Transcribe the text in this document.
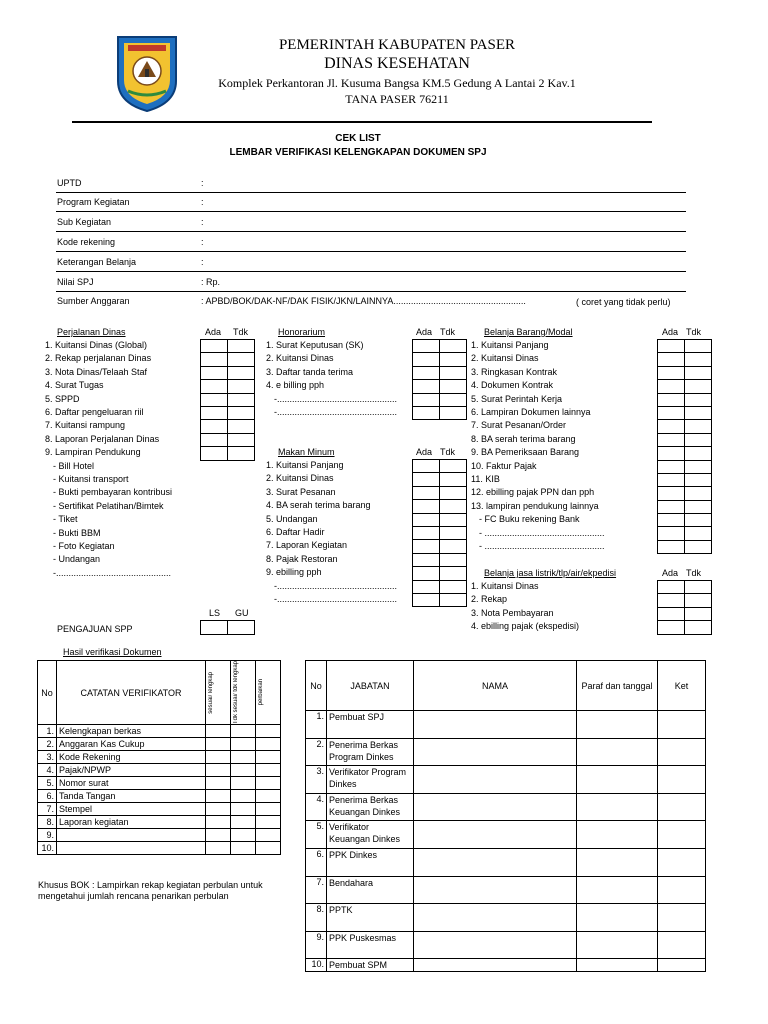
PEMERINTAH KABUPATEN PASER
DINAS KESEHATAN
Komplek Perkantoran Jl. Kusuma Bangsa KM.5 Gedung A Lantai 2 Kav.1
TANA PASER 76211
CEK LIST
LEMBAR VERIFIKASI KELENGKAPAN DOKUMEN SPJ
UPTD	:
Program Kegiatan	:
Sub Kegiatan	:
Kode rekening	:
Keterangan Belanja	:
Nilai SPJ	: Rp.
Sumber Anggaran	: APBD/BOK/DAK-NF/DAK FISIK/JKN/LAINNYA.....................................................	( coret yang tidak perlu)
Perjalanan Dinas	Ada Tdk
1. Kuitansi Dinas (Global)
2. Rekap perjalanan Dinas
3. Nota Dinas/Telaah Staf
4. Surat Tugas
5. SPPD
6. Daftar pengeluaran riil
7. Kuitansi rampung
8. Laporan Perjalanan Dinas
9. Lampiran Pendukung
- Bill Hotel
- Kuitansi transport
- Bukti pembayaran kontribusi
- Sertifikat Pelatihan/Bimtek
- Tiket
- Bukti BBM
- Foto Kegiatan
- Undangan
-..............................................

Honorarium	Ada Tdk
1. Surat Keputusan (SK)
2. Kuitansi Dinas
3. Daftar tanda terima
4. e billing pph
-................................................
-................................................

Makan Minum	Ada Tdk
1. Kuitansi Panjang
2. Kuitansi Dinas
3. Surat Pesanan
4. BA serah terima barang
5. Undangan
6. Daftar Hadir
7. Laporan Kegiatan
8. Pajak Restoran
9. ebilling pph
-................................................
-................................................

Belanja Barang/Modal	Ada Tdk
1. Kuitansi Panjang
2. Kuitansi Dinas
3. Ringkasan Kontrak
4. Dokumen Kontrak
5. Surat Perintah Kerja
6. Lampiran Dokumen lainnya
7. Surat Pesanan/Order
8. BA serah terima barang
9. BA Pemeriksaan Barang
10. Faktur Pajak
11. KIB
12. ebilling pajak PPN dan pph
13. lampiran pendukung lainnya
- FC Buku rekening Bank
- ................................................
- ................................................

Belanja jasa listrik/tlp/air/ekpedisi	Ada Tdk
1. Kuitansi Dinas
2. Rekap
3. Nota Pembayaran
4. ebilling pajak (ekspedisi)

PENGAJUAN SPP
LS GU

Hasil verifikasi Dokumen
No	CATATAN VERIFIKATOR	sesuai/ lengkap	Tdk sesuai/ tdk lengkap	perbaikan

1.	Kelengkapan berkas			
2.	Anggaran Kas Cukup			
3.	Kode Rekening			
4.	Pajak/NPWP			
5.	Nomor surat			
6.	Tanda Tangan			
7.	Stempel			
8.	Laporan kegiatan			
9.				
10.				
No	JABATAN	NAMA	Paraf dan tanggal	Ket
1.	Pembuat SPJ			
2.	Penerima Berkas Program Dinkes			
3.	Verifikator Program Dinkes			
4.	Penerima Berkas Keuangan Dinkes			
5.	Verifikator Keuangan Dinkes			
6.	PPK Dinkes			
7.	Bendahara			
8.	PPTK			
9.	PPK Puskesmas			
10.	Pembuat SPM			
Khusus BOK : Lampirkan rekap kegiatan perbulan untuk mengetahui jumlah rencana penarikan perbulan
